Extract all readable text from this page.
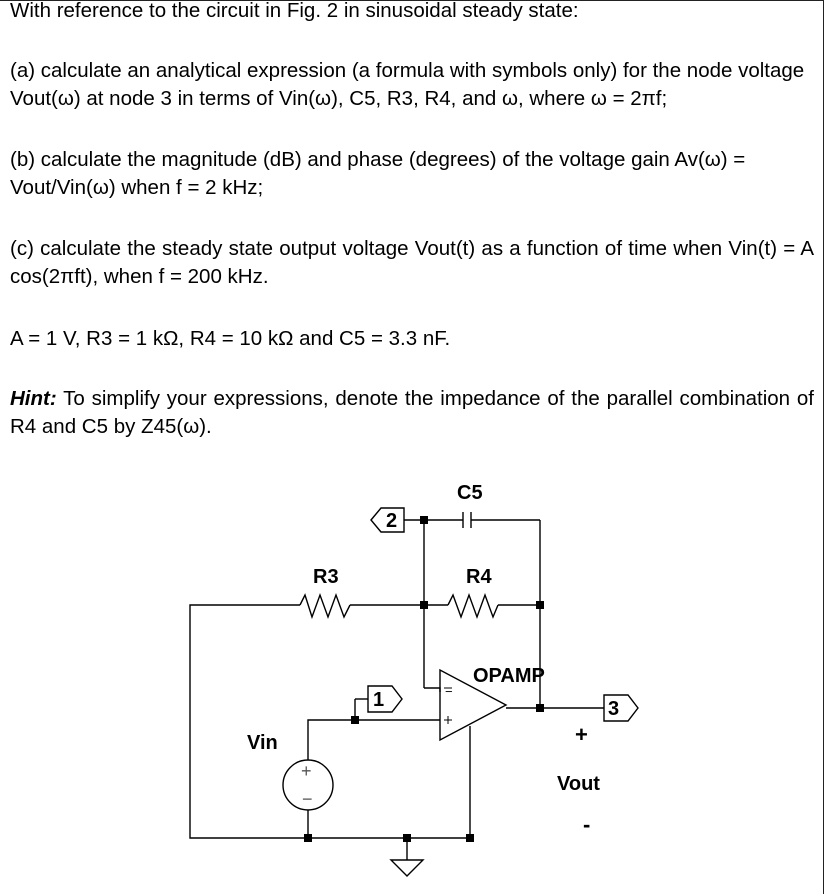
With reference to the circuit in Fig. 2 in sinusoidal steady state:

(a) calculate an analytical expression (a formula with symbols only) for the node voltage Vout(ω) at node 3 in terms of Vin(ω), C5, R3, R4, and ω, where ω = 2πf;

(b) calculate the magnitude (dB) and phase (degrees) of the voltage gain Av(ω) = Vout/Vin(ω) when f = 2 kHz;

(c) calculate the steady state output voltage Vout(t) as a function of time when Vin(t) = A cos(2πft), when f = 200 kHz.

A = 1 V, R3 = 1 kΩ, R4 = 10 kΩ and C5 = 3.3 nF.

Hint: To simplify your expressions, denote the impedance of the parallel combination of R4 and C5 by Z45(ω).

C5
R3	R4
OPAMP
Vin
Vout
+
-
2
1	3
−
+
−
